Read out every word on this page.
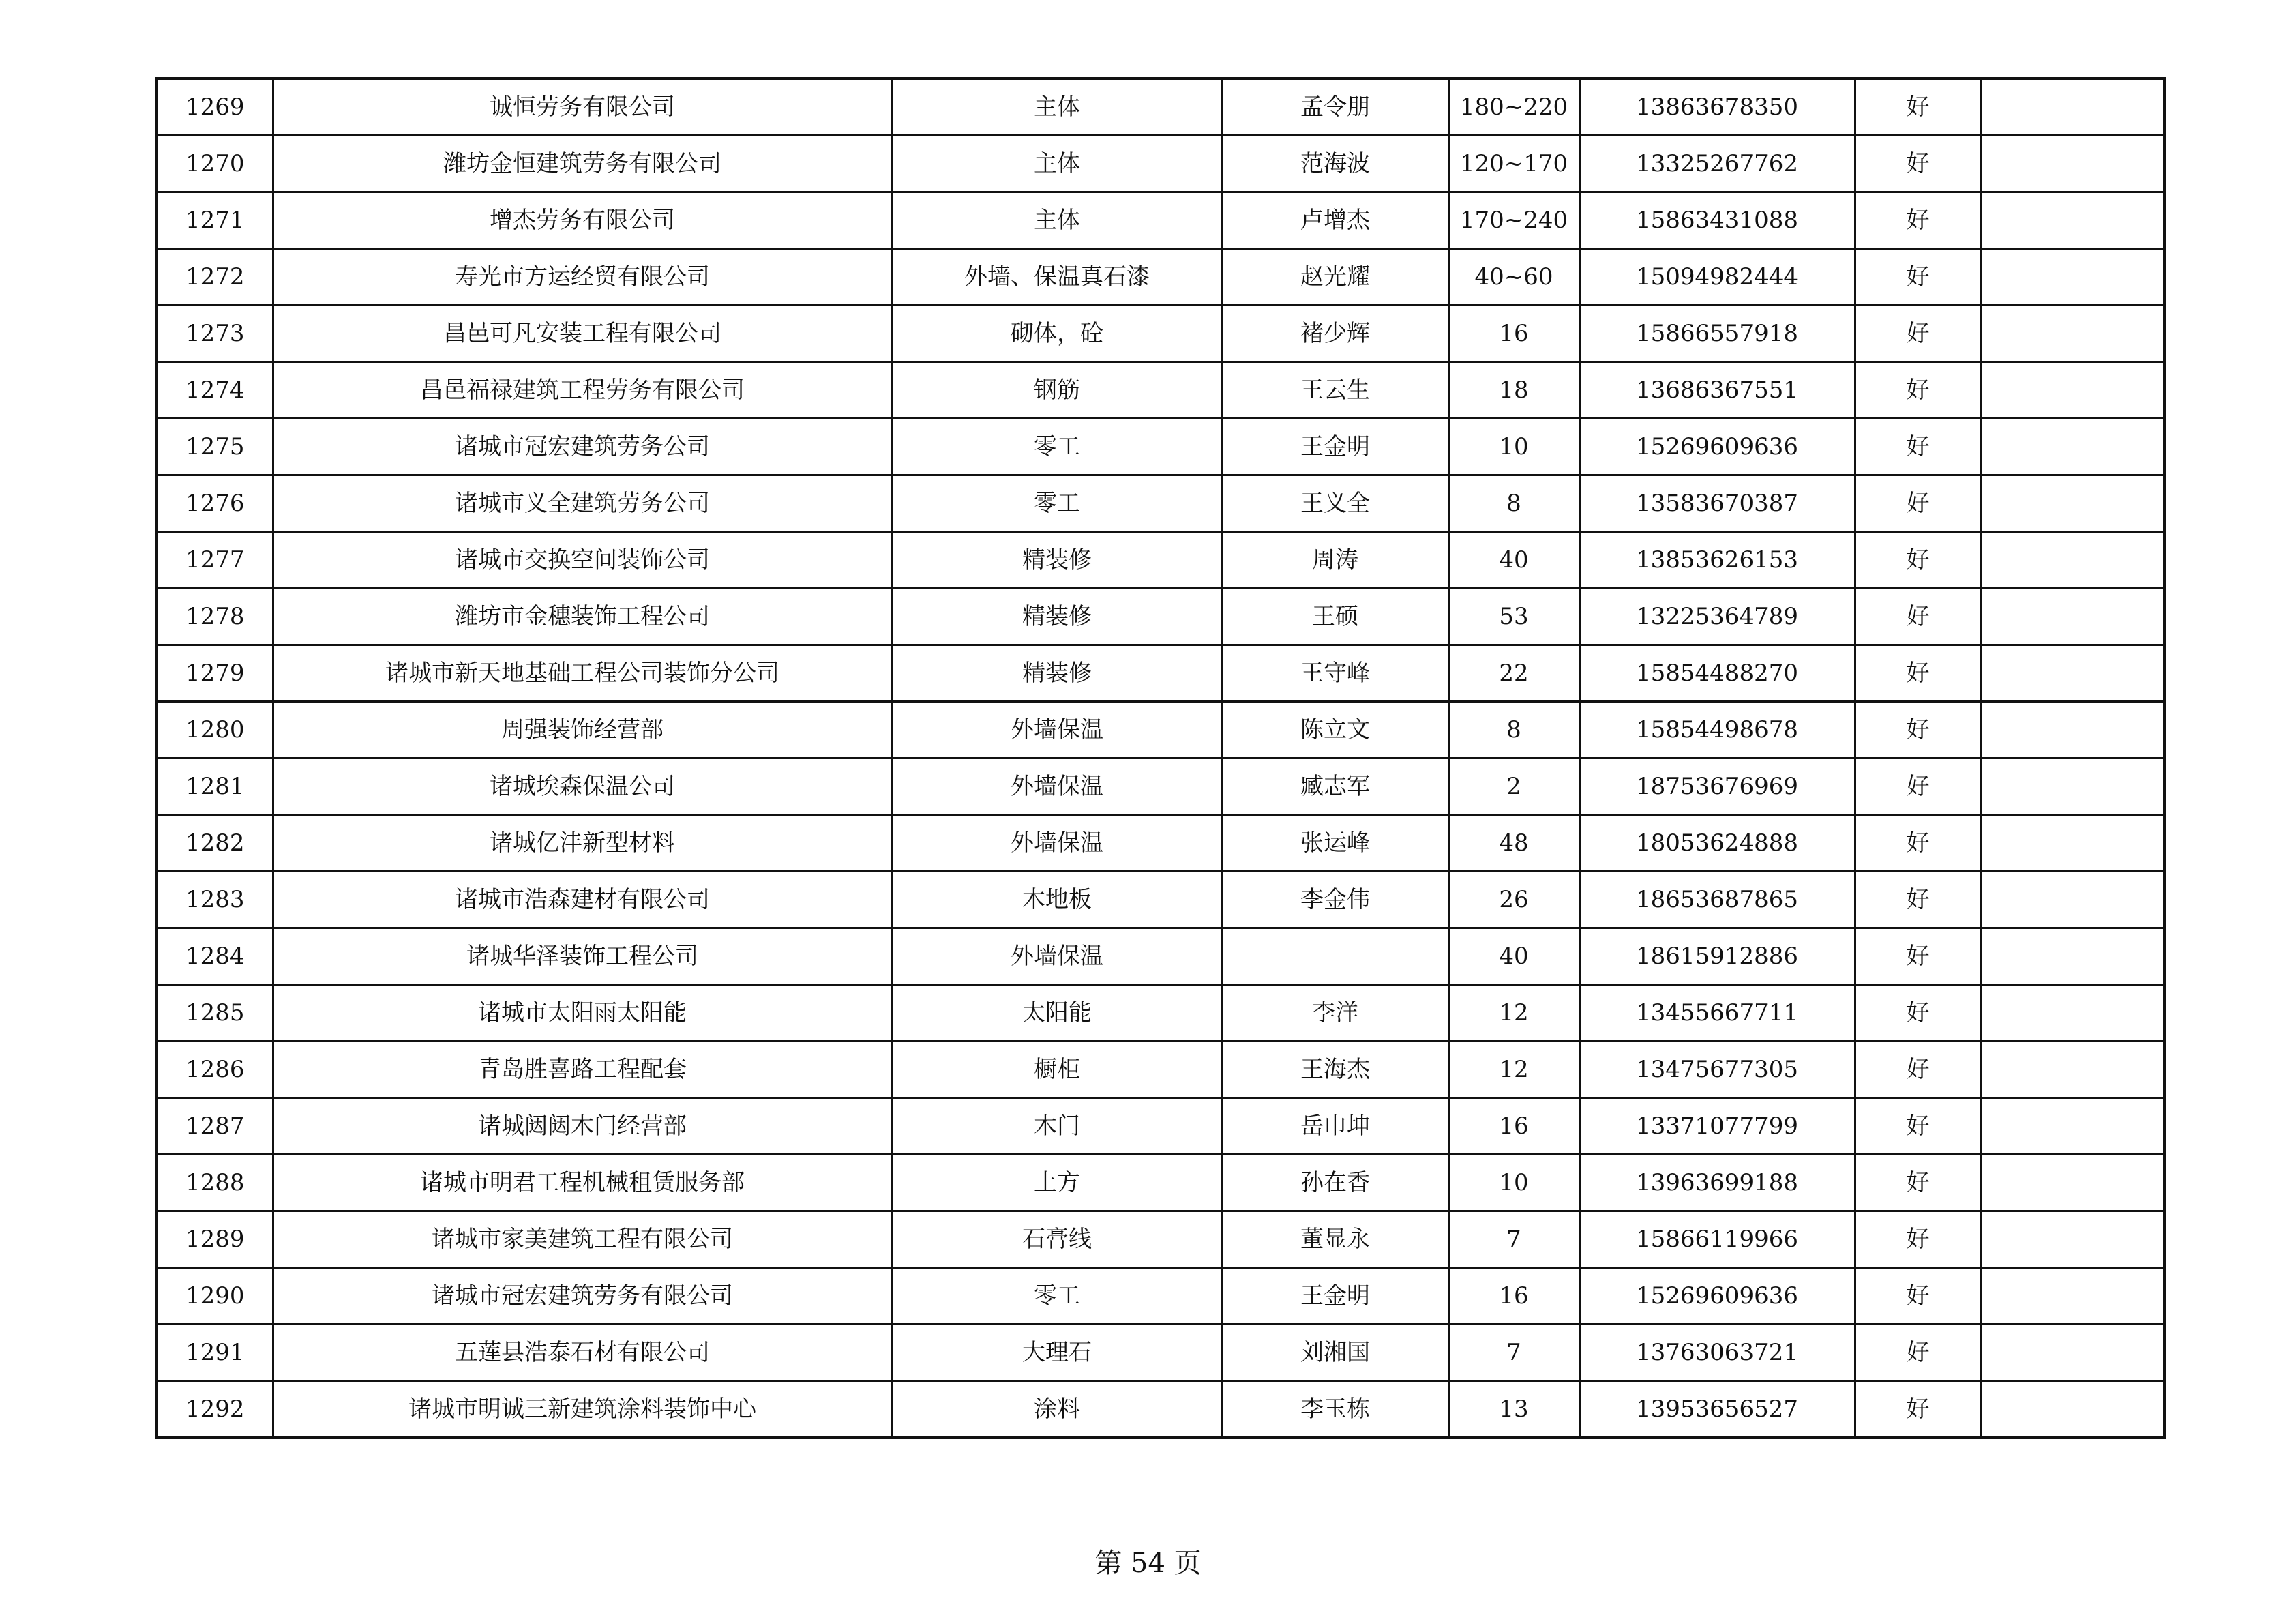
1269	诚恒劳务有限公司	主体	孟令朋	180~220	13863678350	好	
1270	潍坊金恒建筑劳务有限公司	主体	范海波	120~170	13325267762	好	
1271	增杰劳务有限公司	主体	卢增杰	170~240	15863431088	好	
1272	寿光市方运经贸有限公司	外墙、保温真石漆	赵光耀	40~60	15094982444	好	
1273	昌邑可凡安装工程有限公司	砌体，砼	褚少辉	16	15866557918	好	
1274	昌邑福禄建筑工程劳务有限公司	钢筋	王云生	18	13686367551	好	
1275	诸城市冠宏建筑劳务公司	零工	王金明	10	15269609636	好	
1276	诸城市义全建筑劳务公司	零工	王义全	8	13583670387	好	
1277	诸城市交换空间装饰公司	精装修	周涛	40	13853626153	好	
1278	潍坊市金穗装饰工程公司	精装修	王硕	53	13225364789	好	
1279	诸城市新天地基础工程公司装饰分公司	精装修	王守峰	22	15854488270	好	
1280	周强装饰经营部	外墙保温	陈立文	8	15854498678	好	
1281	诸城埃森保温公司	外墙保温	臧志军	2	18753676969	好	
1282	诸城亿沣新型材料	外墙保温	张运峰	48	18053624888	好	
1283	诸城市浩森建材有限公司	木地板	李金伟	26	18653687865	好	
1284	诸城华泽装饰工程公司	外墙保温		40	18615912886	好	
1285	诸城市太阳雨太阳能	太阳能	李洋	12	13455667711	好	
1286	青岛胜喜路工程配套	橱柜	王海杰	12	13475677305	好	
1287	诸城闼闼木门经营部	木门	岳巾坤	16	13371077799	好	
1288	诸城市明君工程机械租赁服务部	土方	孙在香	10	13963699188	好	
1289	诸城市家美建筑工程有限公司	石膏线	董显永	7	15866119966	好	
1290	诸城市冠宏建筑劳务有限公司	零工	王金明	16	15269609636	好	
1291	五莲县浩泰石材有限公司	大理石	刘湘国	7	13763063721	好	
1292	诸城市明诚三新建筑涂料装饰中心	涂料	李玉栋	13	13953656527	好	
第 54 页
